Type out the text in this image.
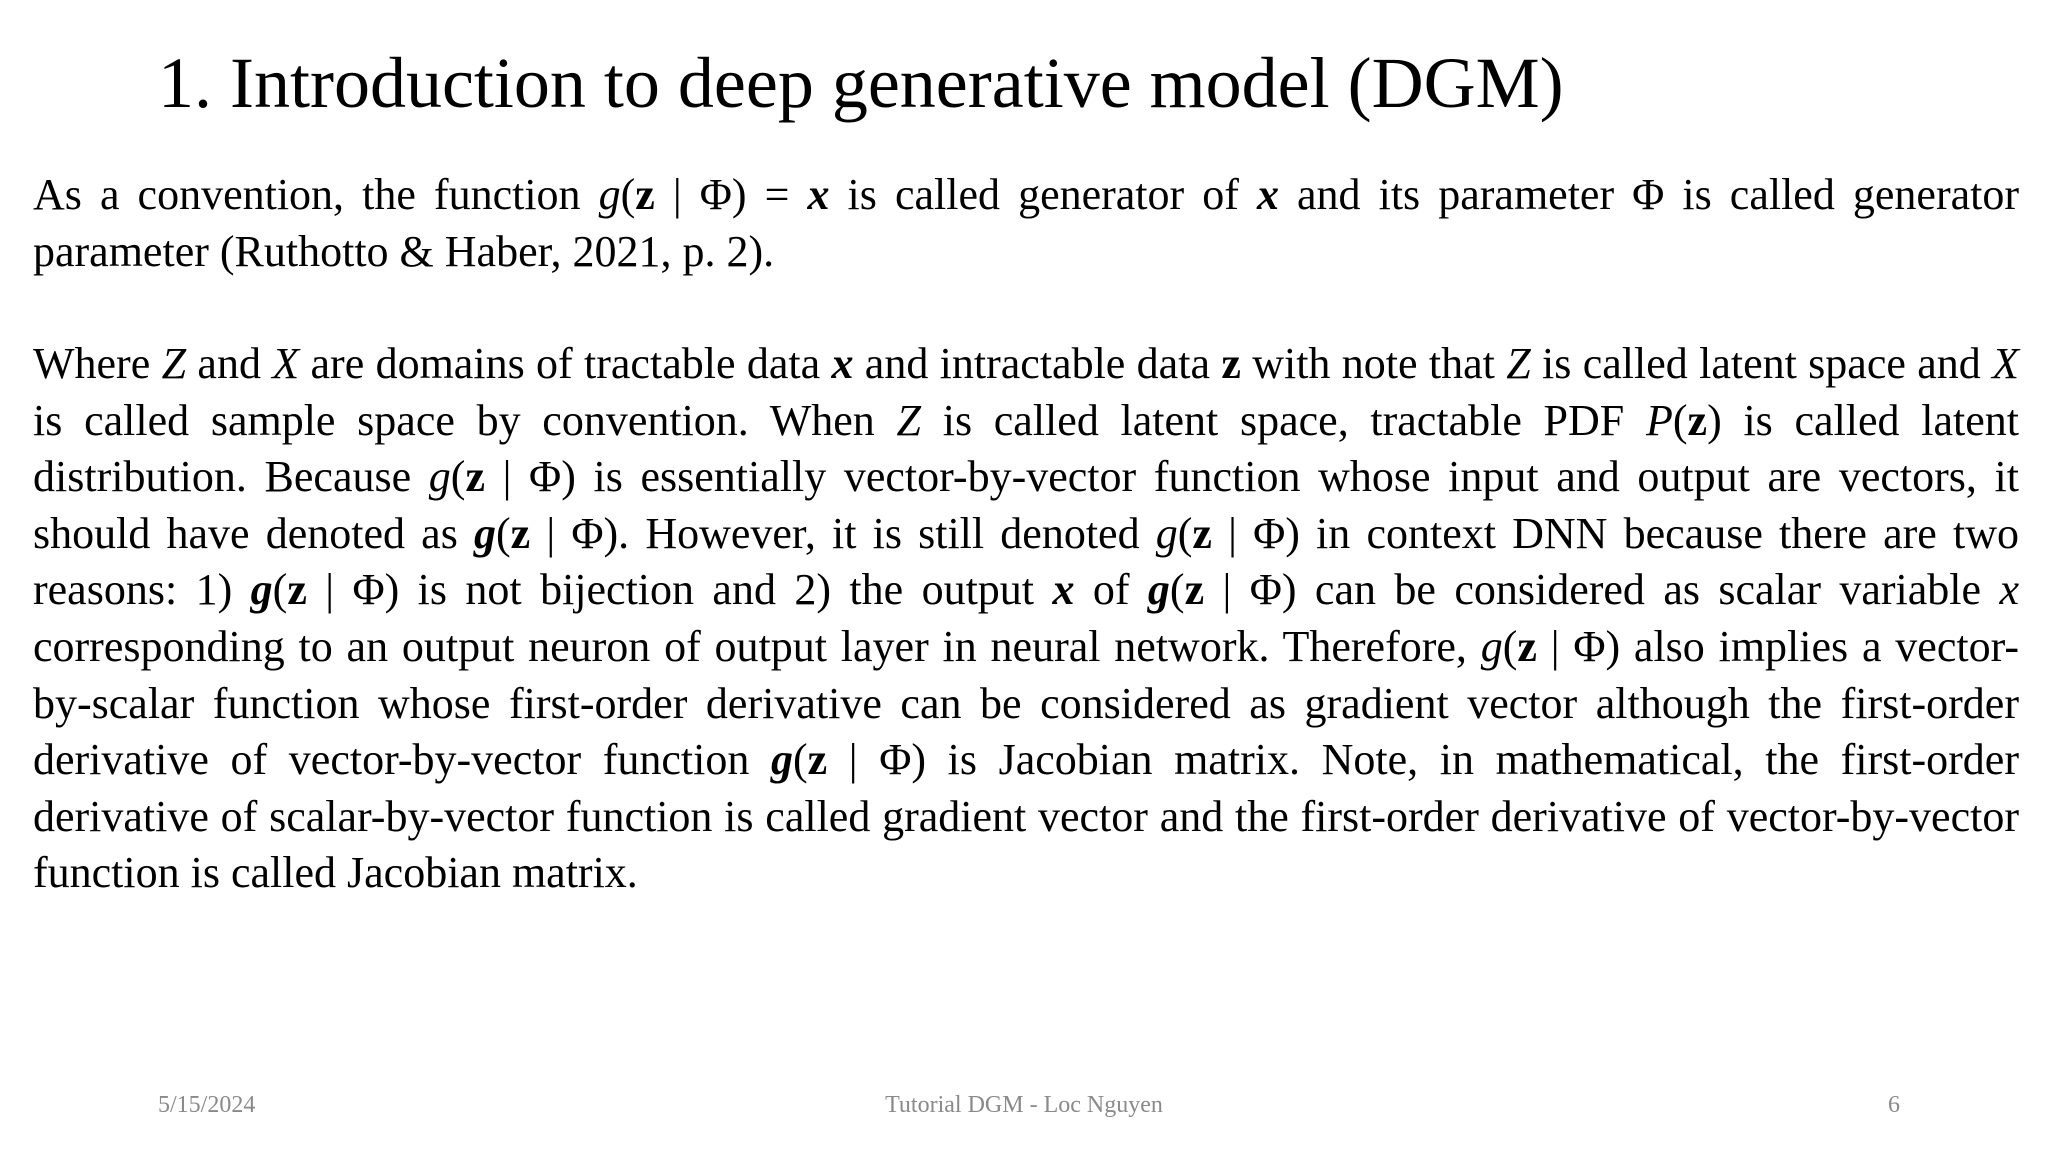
1. Introduction to deep generative model (DGM)

As a convention, the function g(z | Φ) = x is called generator of x and its parameter Φ is called generator parameter (Ruthotto & Haber, 2021, p. 2).

Where Z and X are domains of tractable data x and intractable data z with note that Z is called latent space and X is called sample space by convention. When Z is called latent space, tractable PDF P(z) is called latent distribution. Because g(z | Φ) is essentially vector-by-vector function whose input and output are vectors, it should have denoted as g(z | Φ). However, it is still denoted g(z | Φ) in context DNN because there are two reasons: 1) g(z | Φ) is not bijection and 2) the output x of g(z | Φ) can be considered as scalar variable x corresponding to an output neuron of output layer in neural network. Therefore, g(z | Φ) also implies a vector-by-scalar function whose first-order derivative can be considered as gradient vector although the first-order derivative of vector-by-vector function g(z | Φ) is Jacobian matrix. Note, in mathematical, the first-order derivative of scalar-by-vector function is called gradient vector and the first-order derivative of vector-by-vector function is called Jacobian matrix.

5/15/2024	Tutorial DGM - Loc Nguyen	6
